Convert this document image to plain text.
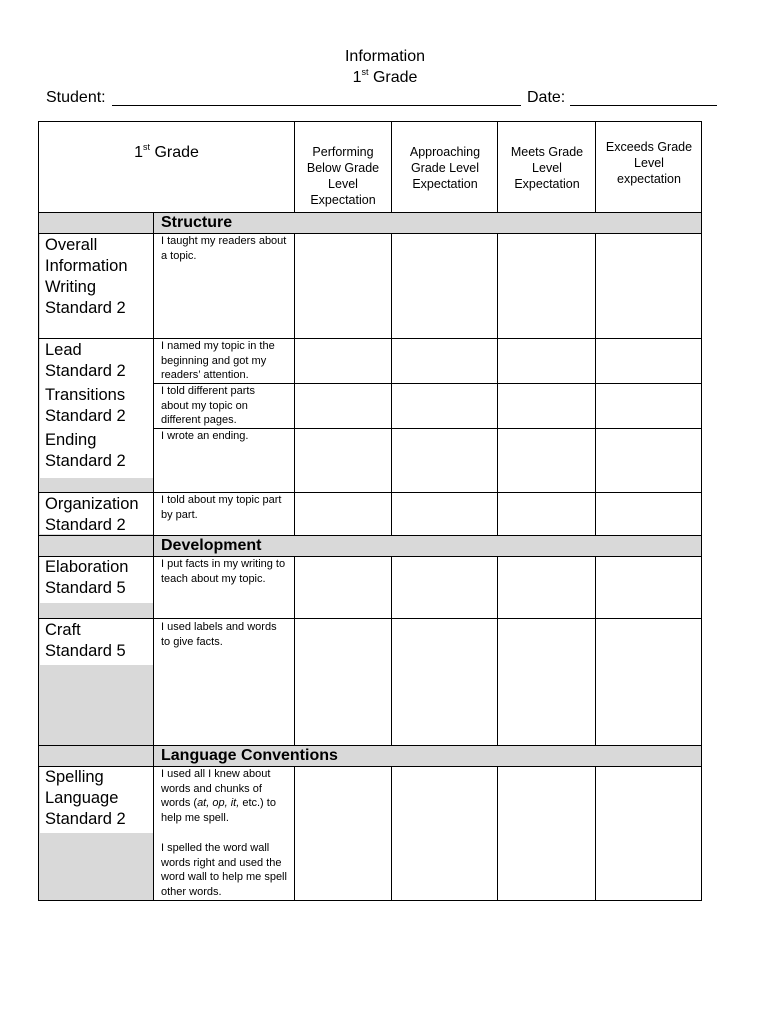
Information
1st Grade
Student:	Date:
1st Grade	Performing Below Grade Level Expectation
Approaching Grade Level Expectation
Meets Grade Level Expectation
Exceeds Grade Level expectation
Structure
Development
Language Conventions
Overall Information Writing Standard 2
Lead Standard 2
Transitions Standard 2
Ending Standard 2
Organization Standard 2
Elaboration Standard 5
Craft Standard 5
Spelling Language Standard 2
I taught my readers about a topic.
I named my topic in the beginning and got my readers’ attention.
I told different parts about my topic on different pages.
I wrote an ending.
I told about my topic part by part.
I put facts in my writing to teach about my topic.
I used labels and words to give facts.
I used all I knew about words and chunks of words (at, op, it, etc.) to help me spell.
I spelled the word wall words right and used the word wall to help me spell other words.
